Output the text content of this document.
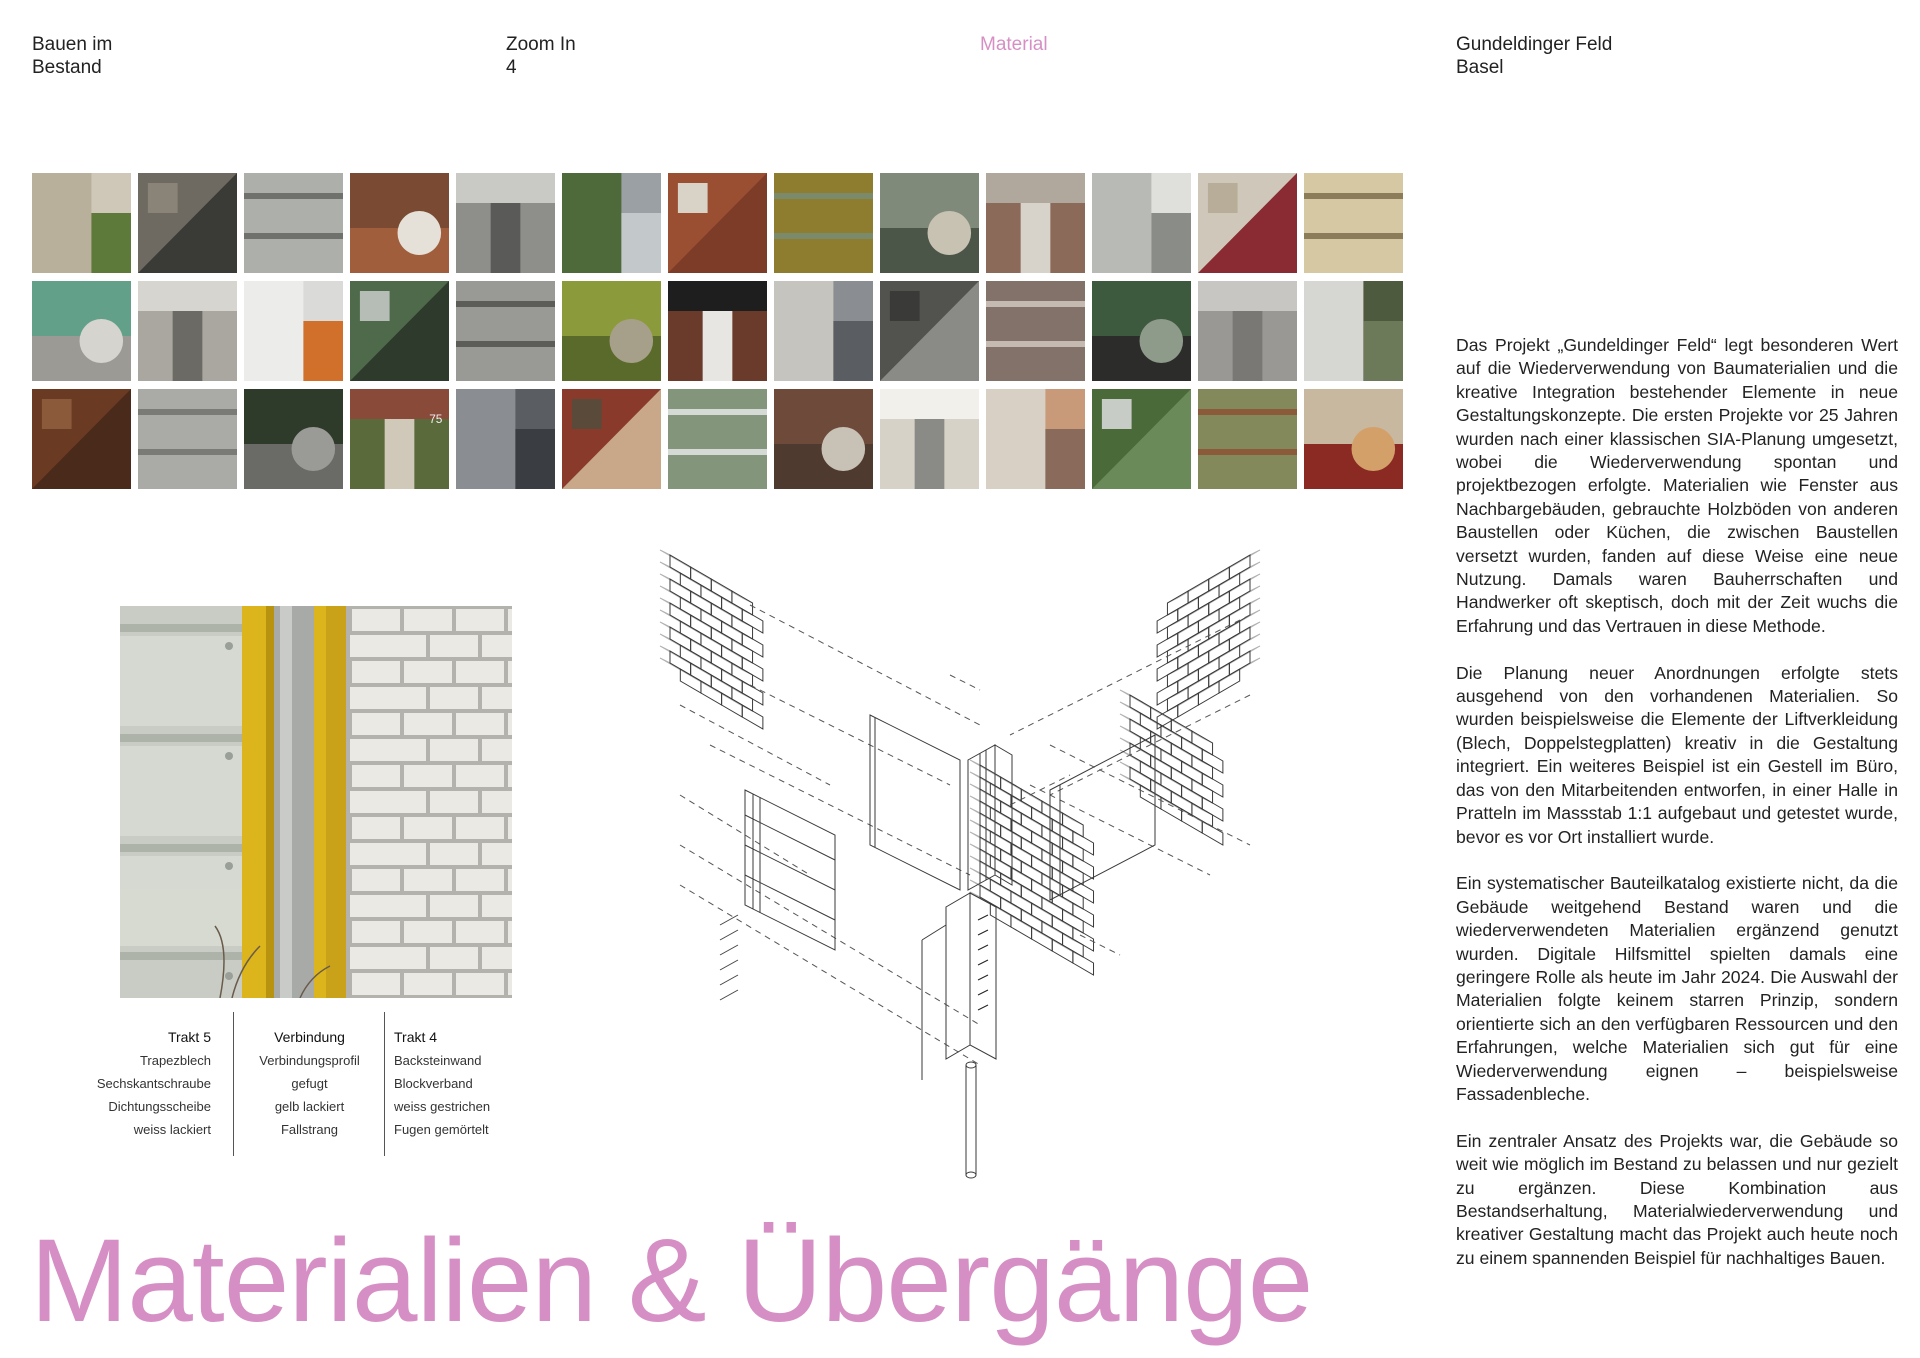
Bauen im
Bestand
Zoom In
4
Material	Gundeldinger Feld
Basel
75
Trakt 5
Trapezblech
Sechskantschraube
Dichtungsscheibe
weiss lackiert
Verbindung
Verbindungsprofil
gefugt
gelb lackiert
Fallstrang
Trakt 4
Backsteinwand
Blockverband
weiss gestrichen
Fugen gemörtelt
Materialien & Übergänge

Das Projekt „Gundeldinger Feld“ legt besonderen Wert auf die Wiederverwendung von Baumaterialien und die kreative Integration bestehender Elemente in neue Gestaltungskonzepte. Die ersten Projekte vor 25 Jahren wurden nach einer klassischen SIA-Planung umgesetzt, wobei die Wiederverwendung spontan und projektbezogen erfolgte. Materialien wie Fenster aus Nachbargebäuden, gebrauchte Holzböden von anderen Baustellen oder Küchen, die zwischen Baustellen versetzt wurden, fanden auf diese Weise eine neue Nutzung. Damals waren Bauherrschaften und Handwerker oft skeptisch, doch mit der Zeit wuchs die Erfahrung und das Vertrauen in diese Methode.

Die Planung neuer Anordnungen erfolgte stets ausgehend von den vorhandenen Materialien. So wurden beispielsweise die Elemente der Liftverkleidung (Blech, Doppelstegplatten) kreativ in die Gestaltung integriert. Ein weiteres Beispiel ist ein Gestell im Büro, das von den Mitarbeitenden entworfen, in einer Halle in Pratteln im Massstab 1:1 aufgebaut und getestet wurde, bevor es vor Ort installiert wurde.

Ein systematischer Bauteilkatalog existierte nicht, da die Gebäude weitgehend Bestand waren und die wiederverwendeten Materialien ergänzend genutzt wurden. Digitale Hilfsmittel spielten damals eine geringere Rolle als heute im Jahr 2024. Die Auswahl der Materialien folgte keinem starren Prinzip, sondern orientierte sich an den verfügbaren Ressourcen und den Erfahrungen, welche Materialien sich gut für eine Wiederverwendung eignen – beispielsweise Fassadenbleche.

Ein zentraler Ansatz des Projekts war, die Gebäude so weit wie möglich im Bestand zu belassen und nur gezielt zu ergänzen. Diese Kombination aus Bestandserhaltung, Materialwiederverwendung und kreativer Gestaltung macht das Projekt auch heute noch zu einem spannenden Beispiel für nachhaltiges Bauen.
